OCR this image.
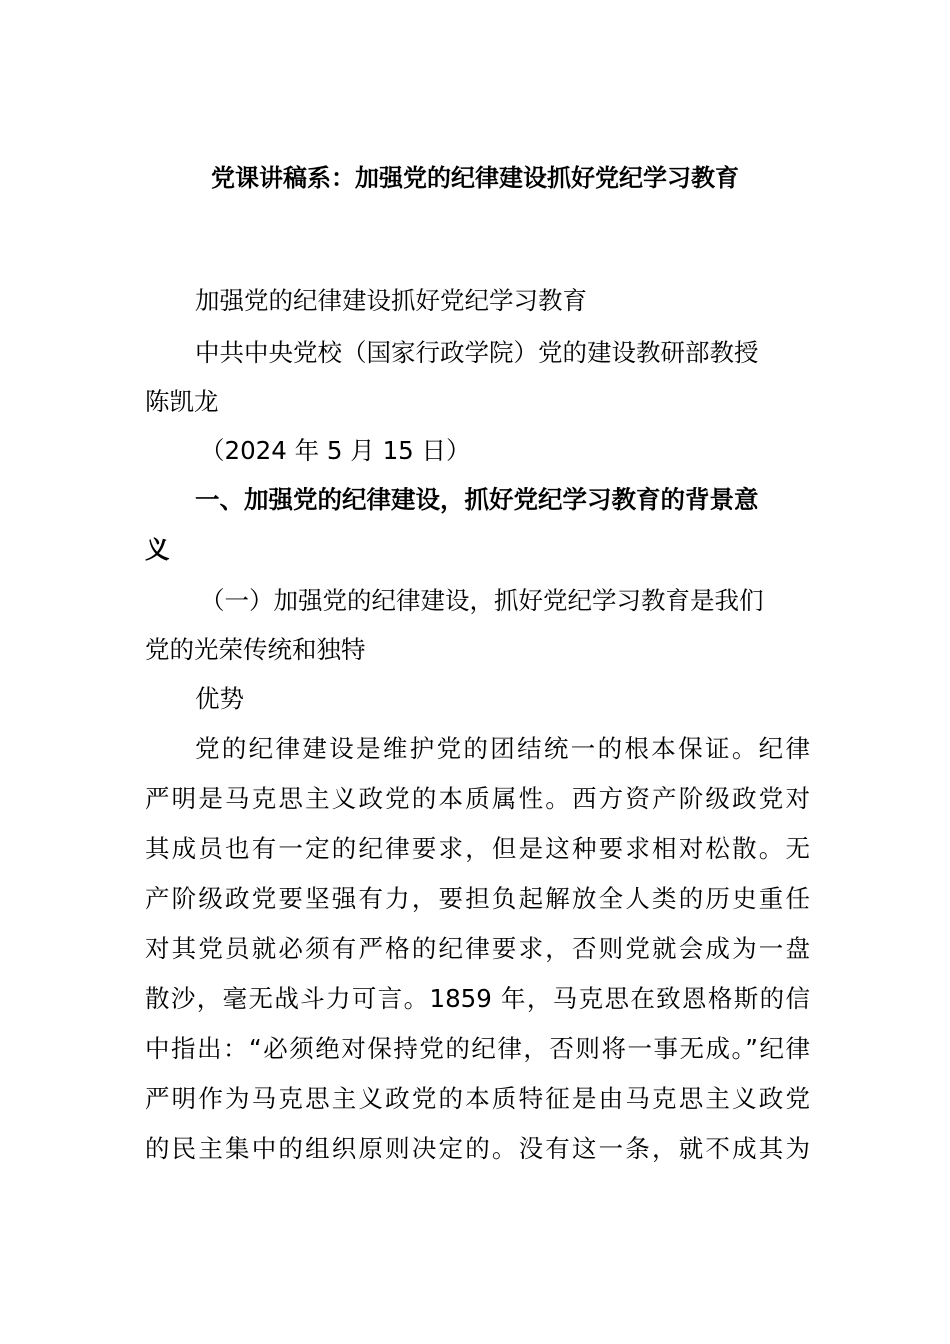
党课讲稿系：加强党的纪律建设抓好党纪学习教育
加强党的纪律建设抓好党纪学习教育
中共中央党校（国家行政学院）党的建设教研部教授
陈凯龙
（2024 年 5 月 15 日）
一、加强党的纪律建设，抓好党纪学习教育的背景意
义
（一）加强党的纪律建设，抓好党纪学习教育是我们
党的光荣传统和独特
优势
党的纪律建设是维护党的团结统一的根本保证。纪律
严明是马克思主义政党的本质属性。西方资产阶级政党对
其成员也有一定的纪律要求，但是这种要求相对松散。无
产阶级政党要坚强有力，要担负起解放全人类的历史重任
对其党员就必须有严格的纪律要求，否则党就会成为一盘
散沙，毫无战斗力可言。1859 年，马克思在致恩格斯的信
中指出：“必须绝对保持党的纪律，否则将一事无成。”纪律
严明作为马克思主义政党的本质特征是由马克思主义政党
的民主集中的组织原则决定的。没有这一条，就不成其为
